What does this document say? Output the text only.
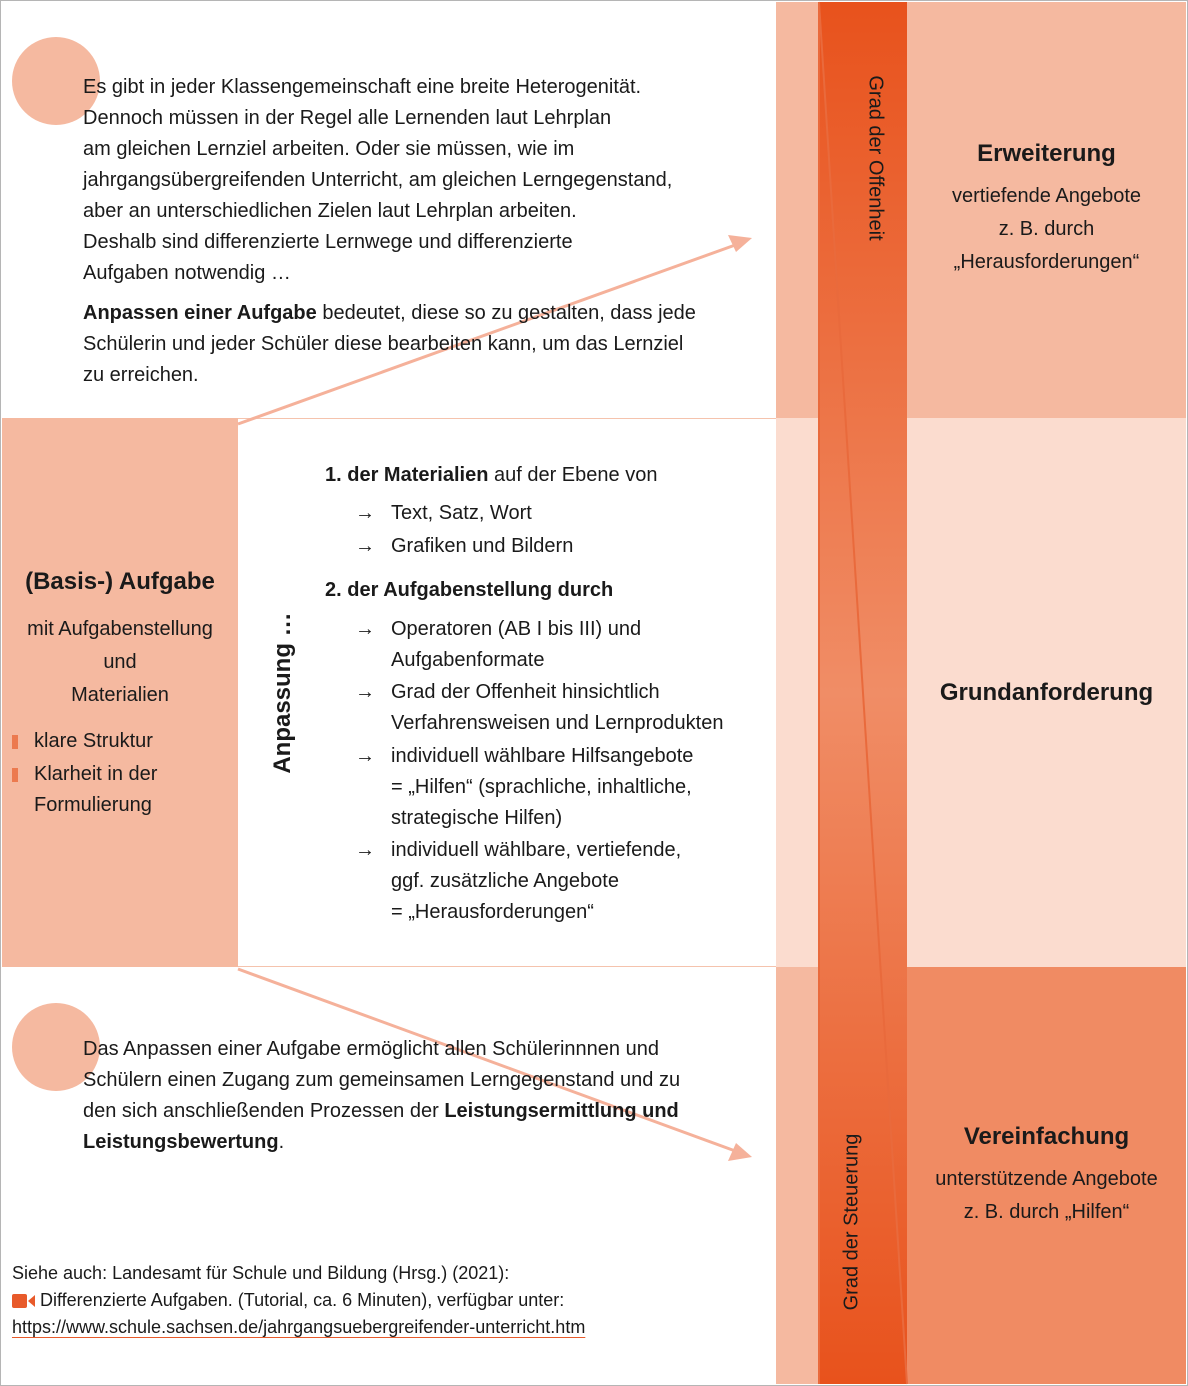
Es gibt in jeder Klassengemeinschaft eine breite Heterogenität.

Dennoch müssen in der Regel alle Lernenden laut Lehrplan

am gleichen Lernziel arbeiten. Oder sie müssen, wie im

jahrgangsübergreifenden Unterricht, am gleichen Lerngegenstand,

aber an unterschiedlichen Zielen laut Lehrplan arbeiten.

Deshalb sind differenzierte Lernwege und differenzierte

Aufgaben notwendig …

Anpassen einer Aufgabe bedeutet, diese so zu gestalten, dass jede

Schülerin und jeder Schüler diese bearbeiten kann, um das Lernziel

zu erreichen.

(Basis-) Aufgabe
mit Aufgabenstellung
und
Materialien
klare Struktur
Klarheit in der
Formulierung
Anpassung …
1. der Materialien auf der Ebene von
→ Text, Satz, Wort
→ Grafiken und Bildern
2. der Aufgabenstellung durch
→ Operatoren (AB I bis III) und
Aufgabenformate
→ Grad der Offenheit hinsichtlich
Verfahrensweisen und Lernprodukten
→ individuell wählbare Hilfsangebote
= „Hilfen“ (sprachliche, inhaltliche,
strategische Hilfen)
→ individuell wählbare, vertiefende,
ggf. zusätzliche Angebote
= „Herausforderungen“

Das Anpassen einer Aufgabe ermöglicht allen Schülerinnnen und

Schülern einen Zugang zum gemeinsamen Lerngegenstand und zu

den sich anschließenden Prozessen der Leistungsermittlung und

Leistungsbewertung.

Siehe auch: Landesamt für Schule und Bildung (Hrsg.) (2021):
Differenzierte Aufgaben. (Tutorial, ca. 6 Minuten), verfügbar unter:
https://www.schule.sachsen.de/jahrgangsuebergreifender-unterricht.htm
Grad der Offenheit
Grad der Steuerung
Erweiterung
vertiefende Angebote
z. B. durch
„Herausforderungen“
Grundanforderung
Vereinfachung
unterstützende Angebote
z. B. durch „Hilfen“
